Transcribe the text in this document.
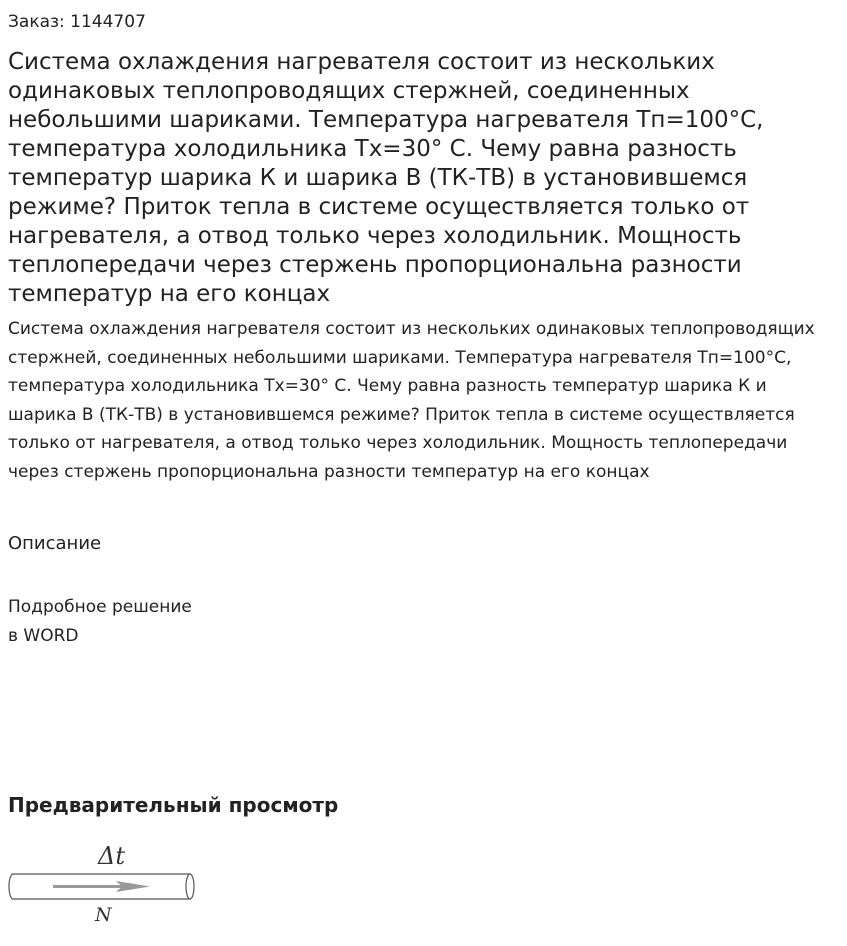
Заказ: 1144707
Система охлаждения нагревателя состоит из нескольких одинаковых теплопроводящих стержней, соединенных небольшими шариками. Температура нагревателя Тп=100°С, температура холодильника Тх=30° С. Чему равна разность температур шарика К и шарика В (ТК-ТВ) в установившемся режиме? Приток тепла в системе осуществляется только от нагревателя, а отвод только через холодильник. Мощность теплопередачи через стержень пропорциональна разности температур на его концах
Система охлаждения нагревателя состоит из нескольких одинаковых теплопроводящих стержней, соединенных небольшими шариками. Температура нагревателя Тп=100°С, температура холодильника Тх=30° С. Чему равна разность температур шарика К и шарика В (ТК-ТВ) в установившемся режиме? Приток тепла в системе осуществляется только от нагревателя, а отвод только через холодильник. Мощность теплопередачи через стержень пропорциональна разности температур на его концах
Описание
Подробное решение
в WORD
Предварительный просмотр
Δt
N
